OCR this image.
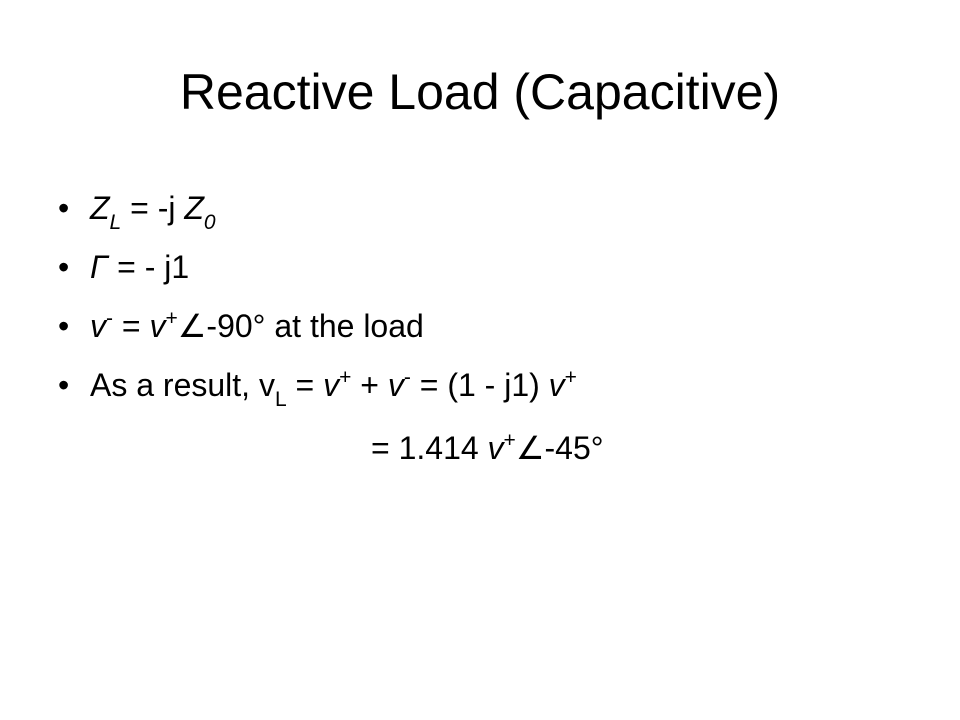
Reactive Load (Capacitive)
• $Z_L = -j$ $Z_0$
• Γ = - j1
• v- = v+∠-90° at the load
• As a result, $v_L = v^+ + v^- = (1 - j1)$ v+
= 1.414 v+∠-45°
